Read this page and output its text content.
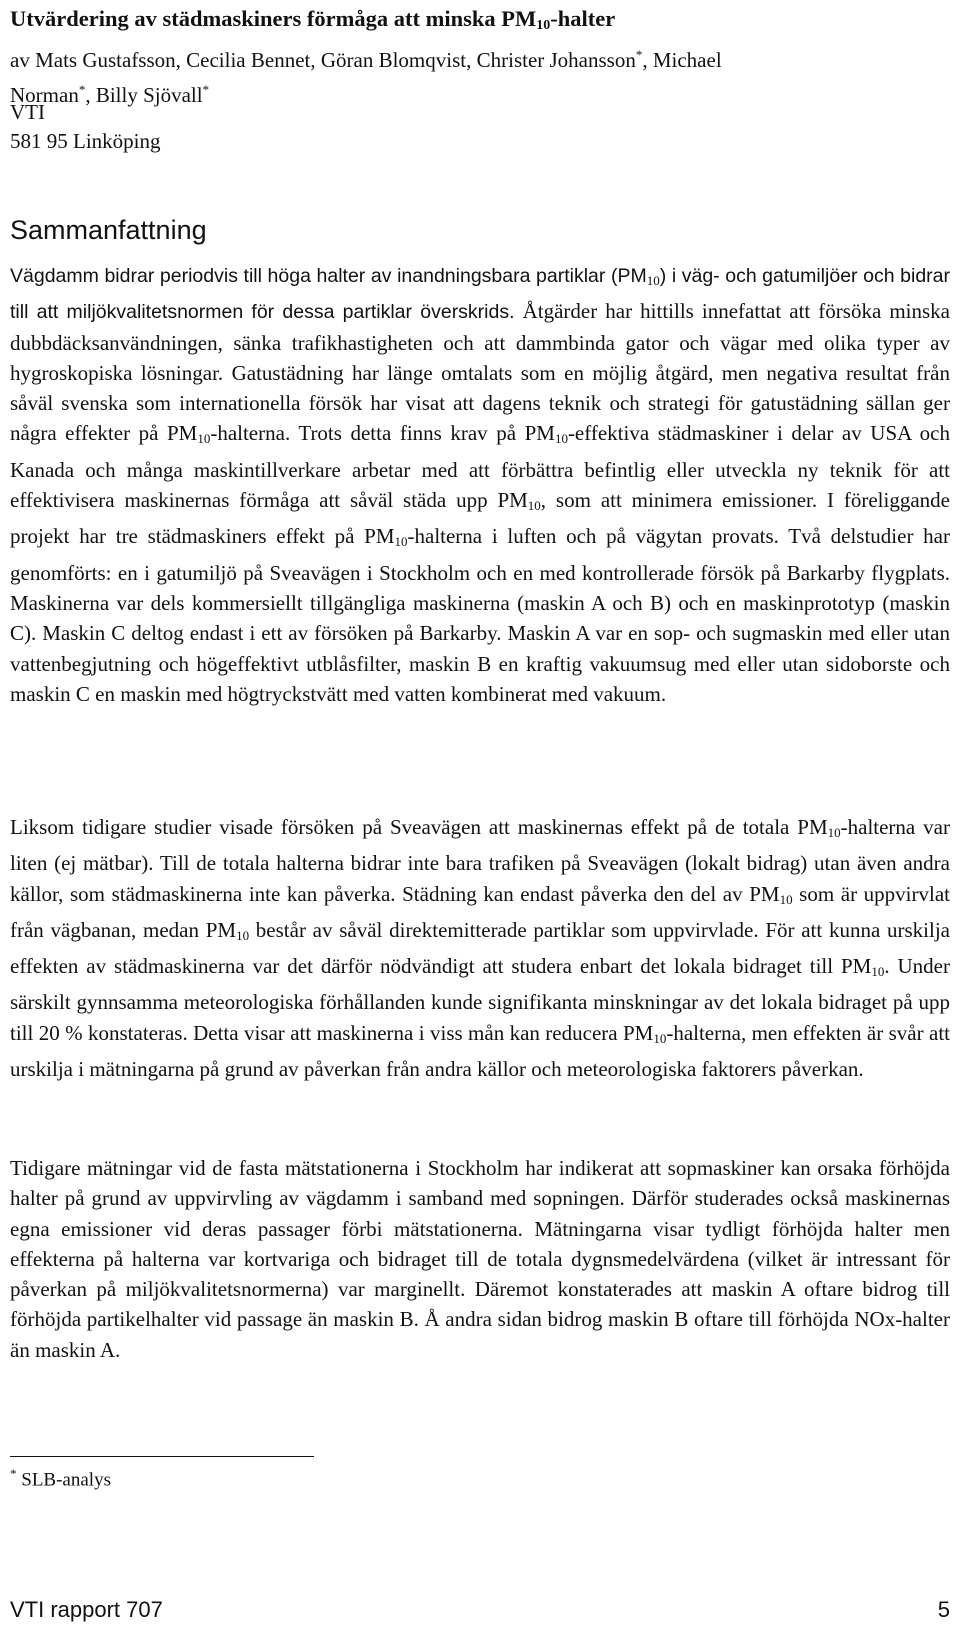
Utvärdering av städmaskiners förmåga att minska $PM_{10}$-halter
av Mats Gustafsson, Cecilia Bennet, Göran Blomqvist, Christer Johansson*, Michael
Norman*, Billy Sjövall*
VTI
581 95 Linköping
Sammanfattning
Vägdamm bidrar periodvis till höga halter av inandningsbara partiklar $(PM_{10})$ i väg- och gatumiljöer och bidrar till att miljökvalitetsnormen för dessa partiklar överskrids. Åtgärder har hittills innefattat att försöka minska dubbdäcksanvändningen, sänka trafikhastigheten och att dammbinda gator och vägar med olika typer av hygroskopiska lösningar. Gatustädning har länge omtalats som en möjlig åtgärd, men negativa resultat från såväl svenska som internationella försök har visat att dagens teknik och strategi för gatustädning sällan ger några effekter på $PM_{10}$-halterna. Trots detta finns krav på $PM_{10}$-effektiva städmaskiner i delar av USA och Kanada och många maskintillverkare arbetar med att förbättra befintlig eller utveckla ny teknik för att effektivisera maskinernas förmåga att såväl städa upp $PM_{10}$, som att minimera emissioner. I föreliggande projekt har tre städmaskiners effekt på $PM_{10}$-halterna i luften och på vägytan provats. Två delstudier har genomförts: en i gatumiljö på Sveavägen i Stockholm och en med kontrollerade försök på Barkarby flygplats. Maskinerna var dels kommersiellt tillgängliga maskinerna (maskin A och B) och en maskinprototyp (maskin C). Maskin C deltog endast i ett av försöken på Barkarby. Maskin A var en sop- och sugmaskin med eller utan vattenbegjutning och högeffektivt utblåsfilter, maskin B en kraftig vakuumsug med eller utan sidoborste och maskin C en maskin med högtryckstvätt med vatten kombinerat med vakuum.
Liksom tidigare studier visade försöken på Sveavägen att maskinernas effekt på de totala $PM_{10}$-halterna var liten (ej mätbar). Till de totala halterna bidrar inte bara trafiken på Sveavägen (lokalt bidrag) utan även andra källor, som städmaskinerna inte kan påverka. Städning kan endast påverka den del av $PM_{10}$ som är uppvirvlat från vägbanan, medan $PM_{10}$ består av såväl direktemitterade partiklar som uppvirvlade. För att kunna urskilja effekten av städmaskinerna var det därför nödvändigt att studera enbart det lokala bidraget till $PM_{10}$. Under särskilt gynnsamma meteorologiska förhållanden kunde signifikanta minskningar av det lokala bidraget på upp till 20 % konstateras. Detta visar att maskinerna i viss mån kan reducera $PM_{10}$-halterna, men effekten är svår att urskilja i mätningarna på grund av påverkan från andra källor och meteorologiska faktorers påverkan.
Tidigare mätningar vid de fasta mätstationerna i Stockholm har indikerat att sopmaskiner kan orsaka förhöjda halter på grund av uppvirvling av vägdamm i samband med sopningen. Därför studerades också maskinernas egna emissioner vid deras passager förbi mätstationerna. Mätningarna visar tydligt förhöjda halter men effekterna på halterna var kortvariga och bidraget till de totala dygnsmedelvärdena (vilket är intressant för påverkan på miljökvalitetsnormerna) var marginellt. Däremot konstaterades att maskin A oftare bidrog till förhöjda partikelhalter vid passage än maskin B. Å andra sidan bidrog maskin B oftare till förhöjda NOx-halter än maskin A.
* SLB-analys
VTI rapport 707	5
